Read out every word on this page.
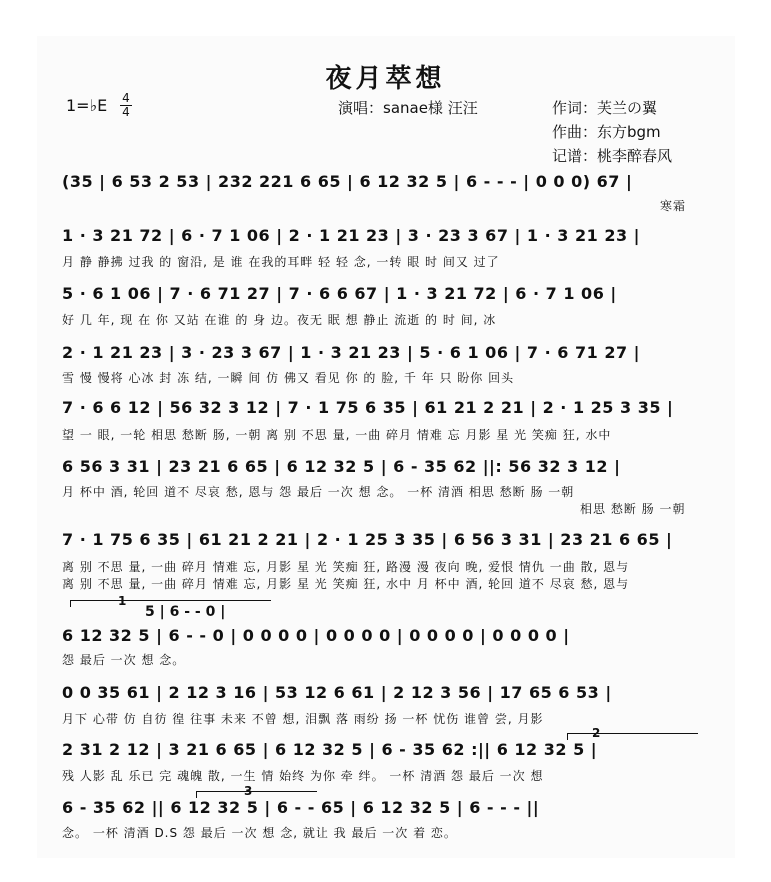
夜月萃想
1=♭E 4
4	演唱：sanae様 汪汪	作词：芙兰の翼
作曲：东方bgm
记谱：桃李醉春风
(35 | 6 53 2 53 | 232 221 6 65 | 6 12 32 5 | 6 - - - | 0 0 0) 67 |
寒霜
1 · 3 21 72 | 6 · 7 1 06 | 2 · 1 21 23 | 3 · 23 3 67 | 1 · 3 21 23 |
月 静 静拂 过我 的 窗沿, 是 谁 在我的耳畔 轻 轻 念, 一转 眼 时 间又 过了
5 · 6 1 06 | 7 · 6 71 27 | 7 · 6 6 67 | 1 · 3 21 72 | 6 · 7 1 06 |
好 几 年, 现 在 你 又站 在谁 的 身 边。夜无 眠 想 静止 流逝 的 时 间, 冰
2 · 1 21 23 | 3 · 23 3 67 | 1 · 3 21 23 | 5 · 6 1 06 | 7 · 6 71 27 |
雪 慢 慢将 心冰 封 冻 结, 一瞬 间 仿 佛又 看见 你 的 脸, 千 年 只 盼你 回头
7 · 6 6 12 | 56 32 3 12 | 7 · 1 75 6 35 | 61 21 2 21 | 2 · 1 25 3 35 |
望 一 眼, 一轮 相思 愁断 肠, 一朝 离 别 不思 量, 一曲 碎月 情难 忘 月影 星 光 笑痴 狂, 水中
6 56 3 31 | 23 21 6 65 | 6 12 32 5 | 6 - 35 62 ||: 56 32 3 12 |
月 杯中 酒, 轮回 道不 尽哀 愁, 恩与 怨 最后 一次 想 念。 一杯 清酒 相思 愁断 肠 一朝
相思 愁断 肠 一朝
7 · 1 75 6 35 | 61 21 2 21 | 2 · 1 25 3 35 | 6 56 3 31 | 23 21 6 65 |
离 别 不思 量, 一曲 碎月 情难 忘, 月影 星 光 笑痴 狂, 路漫 漫 夜向 晚, 爱恨 情仇 一曲 散, 恩与
离 别 不思 量, 一曲 碎月 情难 忘, 月影 星 光 笑痴 狂, 水中 月 杯中 酒, 轮回 道不 尽哀 愁, 恩与
1
5 | 6 - - 0 |
6 12 32 5 | 6 - - 0 | 0 0 0 0 | 0 0 0 0 | 0 0 0 0 | 0 0 0 0 |
怨 最后 一次 想 念。
0 0 35 61 | 2 12 3 16 | 53 12 6 61 | 2 12 3 56 | 17 65 6 53 |
月下 心带 仿 自彷 徨 往事 未来 不曾 想, 泪飘 落 雨纷 扬 一杯 忧伤 谁曾 尝, 月影
2
2 31 2 12 | 3 21 6 65 | 6 12 32 5 | 6 - 35 62 :|| 6 12 32 5 |
残 人影 乱 乐已 完 魂魄 散, 一生 情 始终 为你 牵 绊。 一杯 清酒 怨 最后 一次 想
3
6 - 35 62 || 6 12 32 5 | 6 - - 65 | 6 12 32 5 | 6 - - - ||
念。 一杯 清酒 D.S 怨 最后 一次 想 念, 就让 我 最后 一次 着 恋。
